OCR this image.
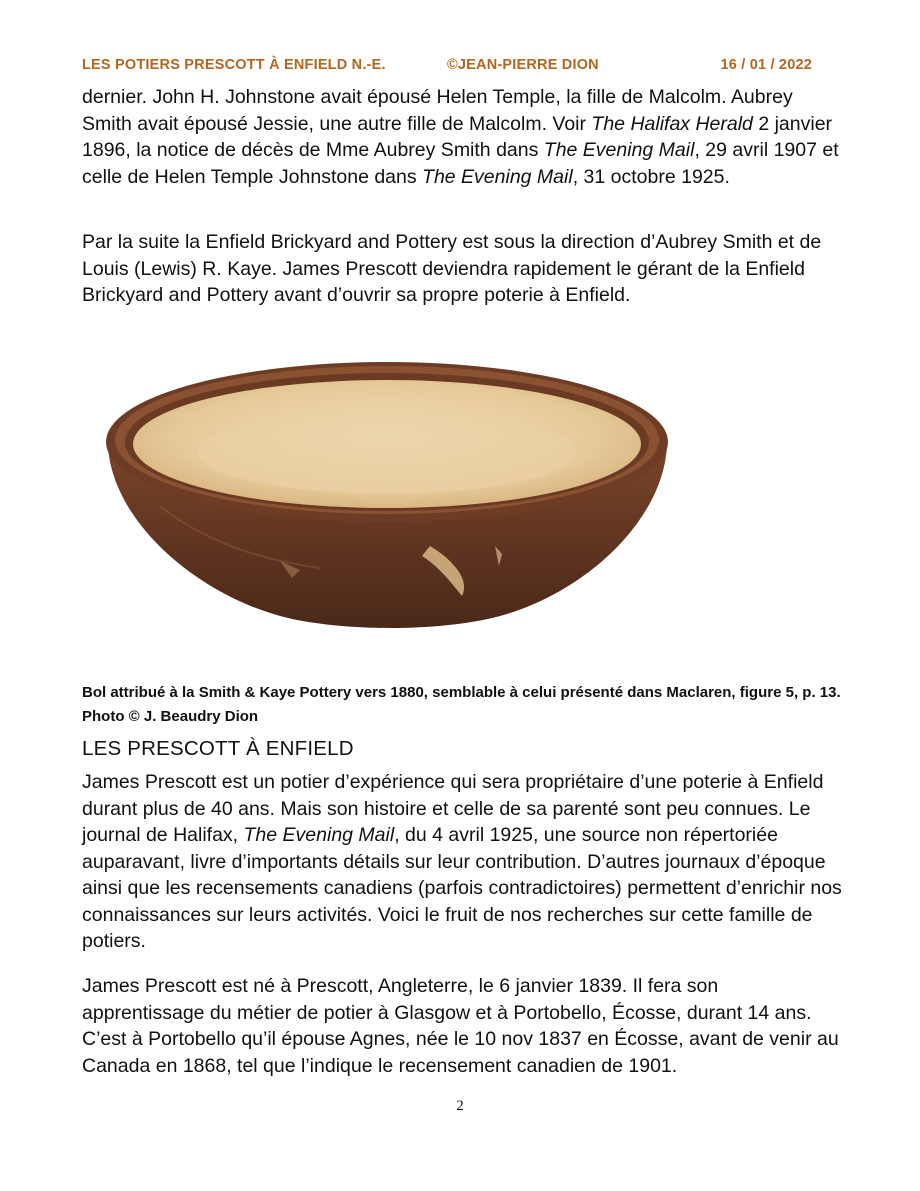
LES POTIERS PRESCOTT À ENFIELD N.-E.	©JEAN-PIERRE DION	16 / 01 / 2022

dernier. John H. Johnstone avait épousé Helen Temple, la fille de Malcolm. Aubrey Smith avait épousé Jessie, une autre fille de Malcolm. Voir The Halifax Herald 2 janvier 1896, la notice de décès de Mme Aubrey Smith dans The Evening Mail, 29 avril 1907 et celle de Helen Temple Johnstone dans The Evening Mail, 31 octobre 1925.

Par la suite la Enfield Brickyard and Pottery est sous la direction d’Aubrey Smith et de Louis (Lewis) R. Kaye. James Prescott deviendra rapidement le gérant de la Enfield Brickyard and Pottery avant d’ouvrir sa propre poterie à Enfield.

Bol attribué à la Smith & Kaye Pottery vers 1880, semblable à celui présenté dans Maclaren, figure 5, p. 13. Photo © J. Beaudry Dion

LES PRESCOTT À ENFIELD

James Prescott est un potier d’expérience qui sera propriétaire d’une poterie à Enfield durant plus de 40 ans. Mais son histoire et celle de sa parenté sont peu connues. Le journal de Halifax, The Evening Mail, du 4 avril 1925, une source non répertoriée auparavant, livre d’importants détails sur leur contribution. D’autres journaux d’époque ainsi que les recensements canadiens (parfois contradictoires) permettent d’enrichir nos connaissances sur leurs activités. Voici le fruit de nos recherches sur cette famille de potiers.

James Prescott est né à Prescott, Angleterre, le 6 janvier 1839. Il fera son apprentissage du métier de potier à Glasgow et à Portobello, Écosse, durant 14 ans. C’est à Portobello qu’il épouse Agnes, née le 10 nov 1837 en Écosse, avant de venir au Canada en 1868, tel que l’indique le recensement canadien de 1901.

2
